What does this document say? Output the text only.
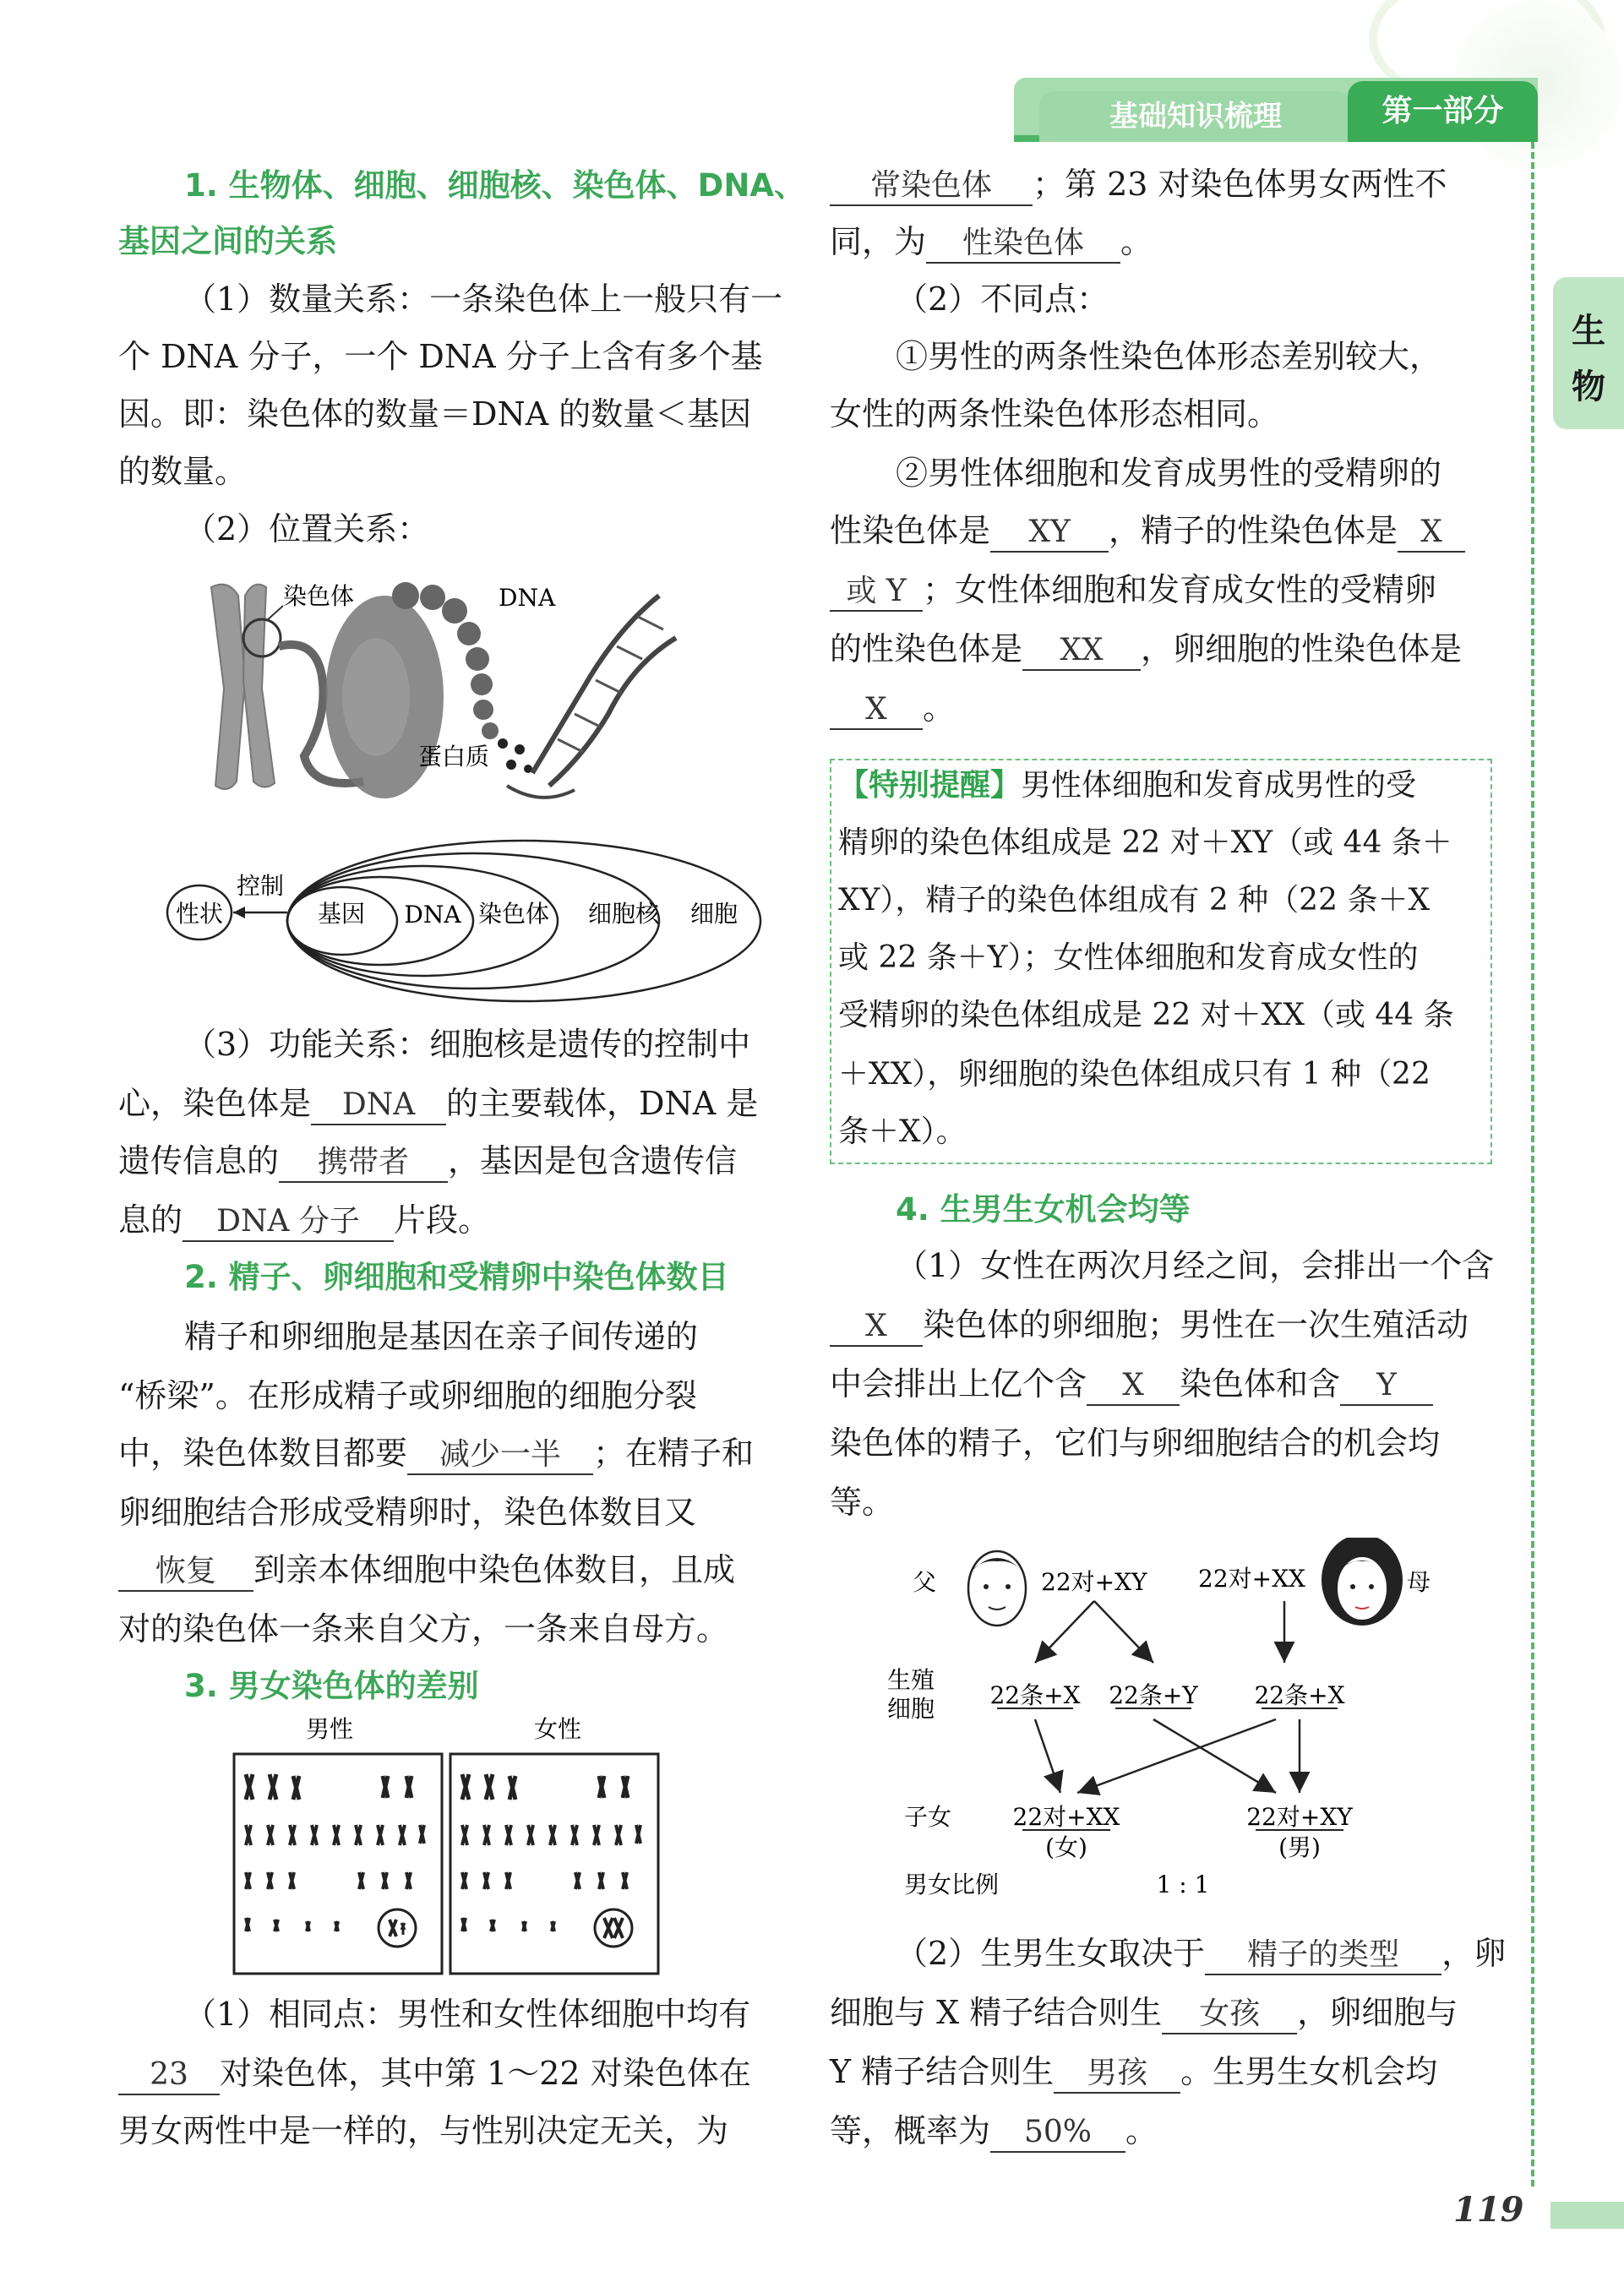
基础知识梳理	第一部分
生
物
1. 生物体、细胞、细胞核、染色体、DNA、
基因之间的关系
（1）数量关系：一条染色体上一般只有一
个 DNA 分子，一个 DNA 分子上含有多个基
因。即：染色体的数量＝DNA 的数量＜基因
的数量。
（2）位置关系：
染色体	DNA
蛋白质
性状
控制
基因 DNA 染色体 细胞核 细胞
（3）功能关系：细胞核是遗传的控制中
心，染色体是 DNA 的主要载体，DNA 是
遗传信息的 携带者 ，基因是包含遗传信
息的 DNA 分子 片段。
2. 精子、卵细胞和受精卵中染色体数目
精子和卵细胞是基因在亲子间传递的
“桥梁”。在形成精子或卵细胞的细胞分裂
中，染色体数目都要 减少一半 ；在精子和
卵细胞结合形成受精卵时，染色体数目又
恢复 到亲本体细胞中染色体数目，且成
对的染色体一条来自父方，一条来自母方。
3. 男女染色体的差别
男性	女性
（1）相同点：男性和女性体细胞中均有
23 对染色体，其中第 1～22 对染色体在
男女两性中是一样的，与性别决定无关，为
常染色体 ；第 23 对染色体男女两性不
同，为 性染色体 。
（2）不同点：
①男性的两条性染色体形态差别较大，
女性的两条性染色体形态相同。
②男性体细胞和发育成男性的受精卵的
性染色体是 XY ，精子的性染色体是 X
或 Y ；女性体细胞和发育成女性的受精卵
的性染色体是 XX ，卵细胞的性染色体是
X 。
【特别提醒】男性体细胞和发育成男性的受
精卵的染色体组成是 22 对＋XY（或 44 条＋
XY），精子的染色体组成有 2 种（22 条＋X
或 22 条＋Y）；女性体细胞和发育成女性的
受精卵的染色体组成是 22 对＋XX（或 44 条
＋XX），卵细胞的染色体组成只有 1 种（22
条＋X）。
4. 生男生女机会均等
（1）女性在两次月经之间，会排出一个含
X 染色体的卵细胞；男性在一次生殖活动
中会排出上亿个含 X 染色体和含 Y
染色体的精子，它们与卵细胞结合的机会均
等。
父	22对+XY 22对+XX	母
生殖
细胞 22条+X 22条+Y 22条+X
子女	22对+XX
(女)
22对+XY
(男)
男女比例	1 : 1
（2）生男生女取决于 精子的类型 ，卵
细胞与 X 精子结合则生 女孩 ，卵细胞与
Y 精子结合则生 男孩 。生男生女机会均
等，概率为 50% 。
119
